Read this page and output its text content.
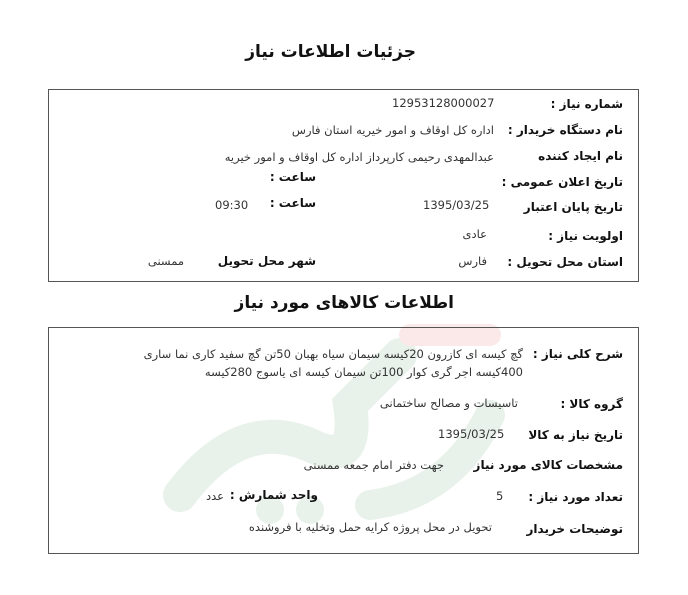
جزئیات اطلاعات نیاز
شماره نیاز :
12953128000027
نام دستگاه خریدار :
اداره کل اوقاف و امور خیریه استان فارس
نام ایجاد کننده
عبدالمهدی رحیمی کارپرداز اداره کل اوقاف و امور خیریه
تاریخ اعلان عمومی :
ساعت :
تاریخ پایان اعتبار
1395/03/25
ساعت :
09:30
اولویت نیاز :
عادی
استان محل تحویل :
فارس
شهر محل تحویل
ممسنی
اطلاعات کالاهای مورد نیاز
شرح کلی نیاز :
گچ کیسه ای کازرون 20کیسه سیمان سیاه بهبان 50تن گچ سفید کاری نما ساری
400کیسه اجر گری کوار 100تن سیمان کیسه ای یاسوج 280کیسه
گروه کالا :
تاسیسات و مصالح ساختمانی
تاریخ نیاز به کالا
1395/03/25
مشخصات کالای مورد نیاز
جهت دفتر امام جمعه ممسنی
تعداد مورد نیاز :
5
واحد شمارش :
عدد
توضیحات خریدار
تحویل در محل پروژه کرایه حمل وتخلیه با فروشنده
